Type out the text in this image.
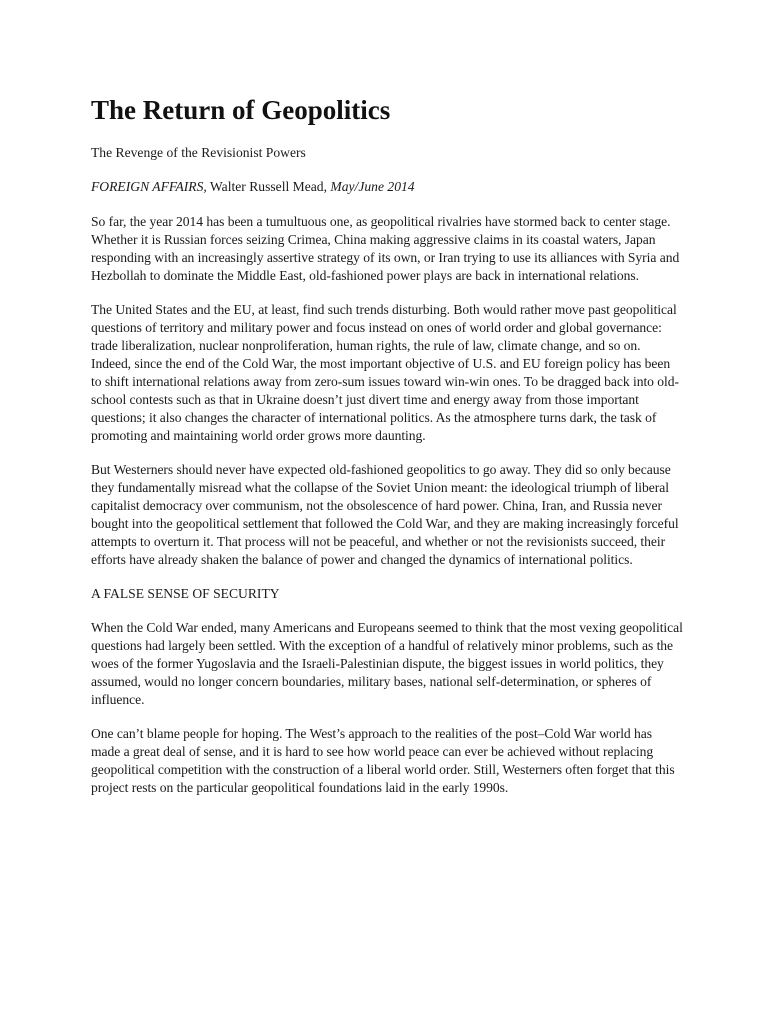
The Return of Geopolitics
The Revenge of the Revisionist Powers
FOREIGN AFFAIRS, Walter Russell Mead, May/June 2014

So far, the year 2014 has been a tumultuous one, as geopolitical rivalries have stormed back to center stage. Whether it is Russian forces seizing Crimea, China making aggressive claims in its coastal waters, Japan responding with an increasingly assertive strategy of its own, or Iran trying to use its alliances with Syria and Hezbollah to dominate the Middle East, old-fashioned power plays are back in international relations.

The United States and the EU, at least, find such trends disturbing. Both would rather move past geopolitical questions of territory and military power and focus instead on ones of world order and global governance: trade liberalization, nuclear nonproliferation, human rights, the rule of law, climate change, and so on. Indeed, since the end of the Cold War, the most important objective of U.S. and EU foreign policy has been to shift international relations away from zero-sum issues toward win-win ones. To be dragged back into old-school contests such as that in Ukraine doesn’t just divert time and energy away from those important questions; it also changes the character of international politics. As the atmosphere turns dark, the task of promoting and maintaining world order grows more daunting.

But Westerners should never have expected old-fashioned geopolitics to go away. They did so only because they fundamentally misread what the collapse of the Soviet Union meant: the ideological triumph of liberal capitalist democracy over communism, not the obsolescence of hard power. China, Iran, and Russia never bought into the geopolitical settlement that followed the Cold War, and they are making increasingly forceful attempts to overturn it. That process will not be peaceful, and whether or not the revisionists succeed, their efforts have already shaken the balance of power and changed the dynamics of international politics.

A FALSE SENSE OF SECURITY

When the Cold War ended, many Americans and Europeans seemed to think that the most vexing geopolitical questions had largely been settled. With the exception of a handful of relatively minor problems, such as the woes of the former Yugoslavia and the Israeli-Palestinian dispute, the biggest issues in world politics, they assumed, would no longer concern boundaries, military bases, national self-determination, or spheres of influence.

One can’t blame people for hoping. The West’s approach to the realities of the post–Cold War world has made a great deal of sense, and it is hard to see how world peace can ever be achieved without replacing geopolitical competition with the construction of a liberal world order. Still, Westerners often forget that this project rests on the particular geopolitical foundations laid in the early 1990s.
